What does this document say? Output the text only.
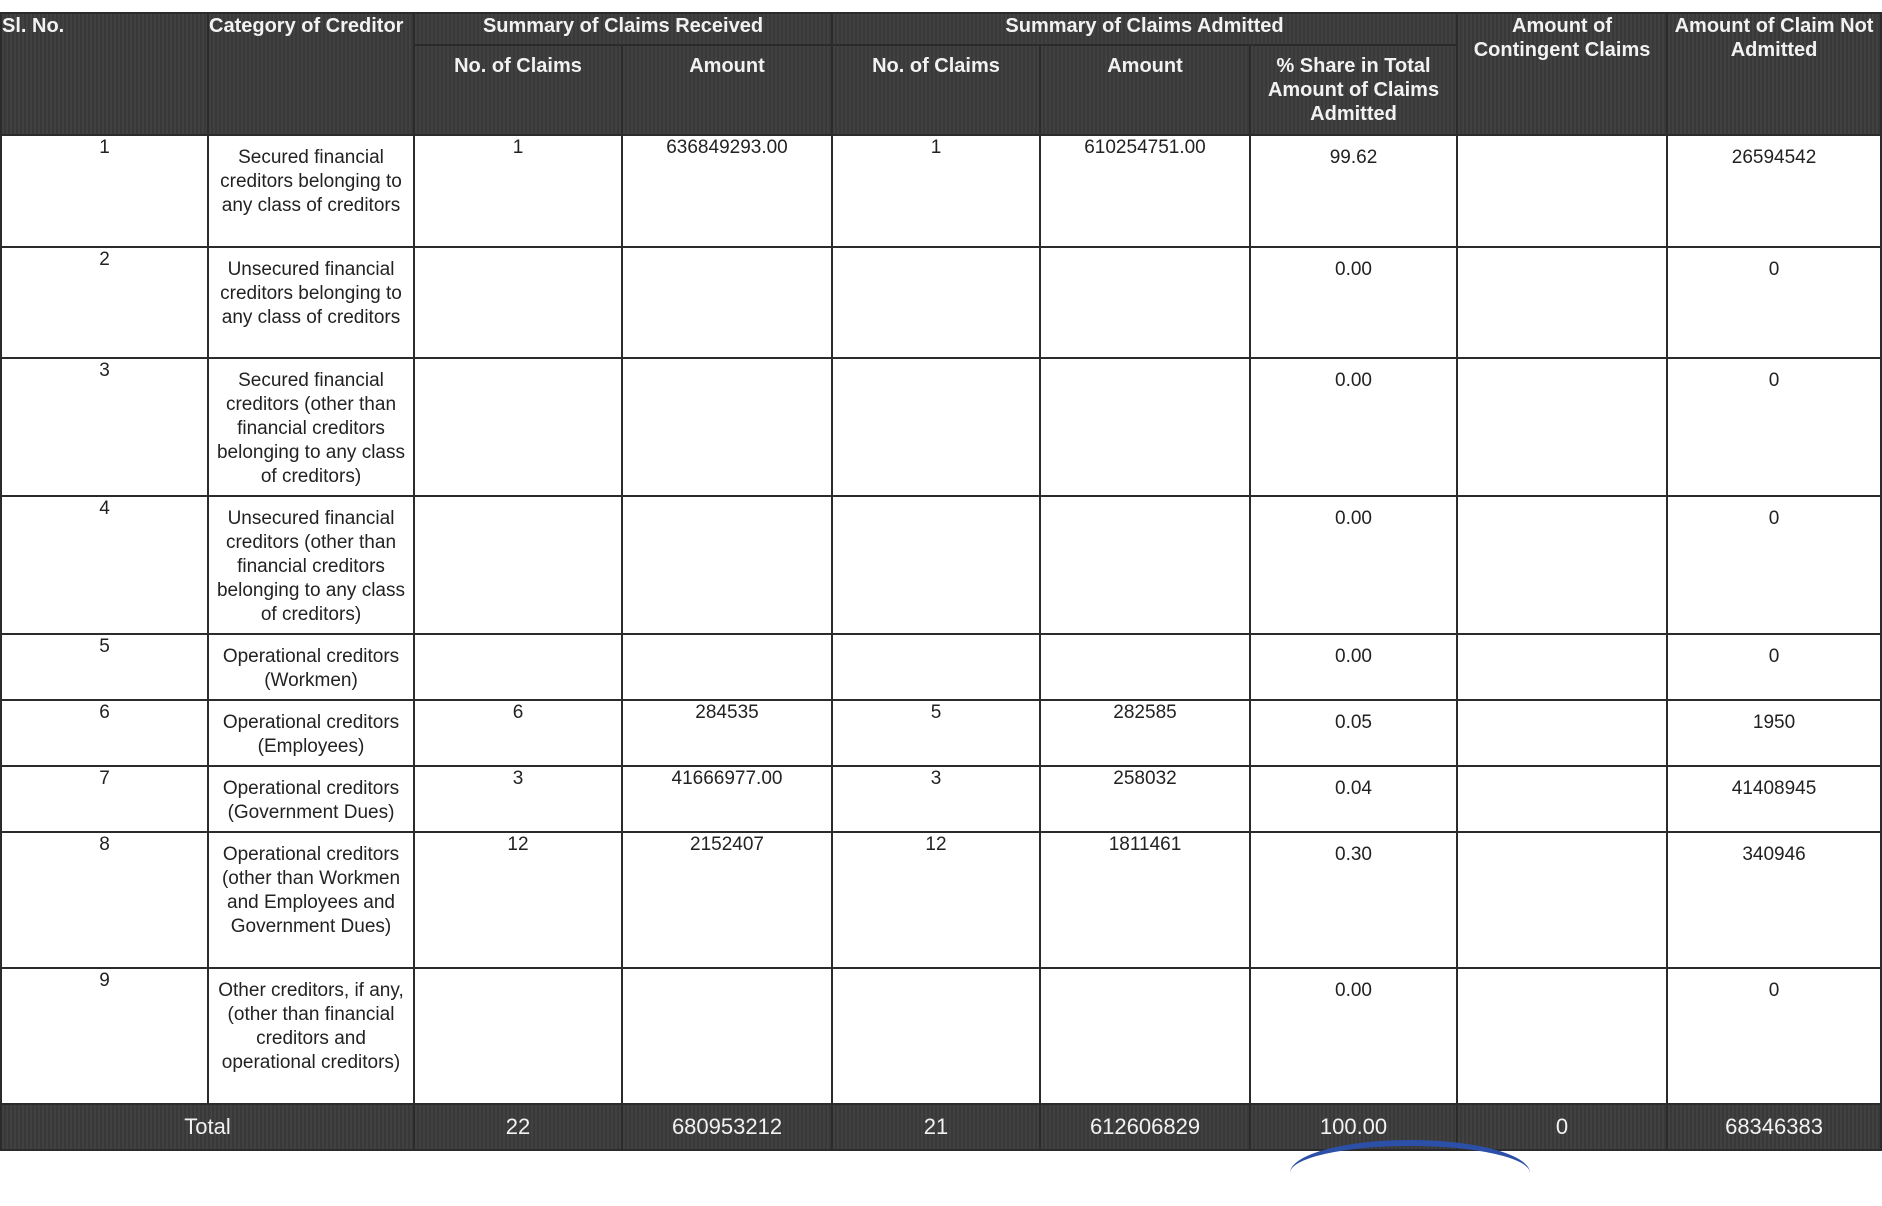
Sl. No.	Category of Creditor	Summary of Claims Received		Summary of Claims Admitted			Amount of Contingent Claims	Amount of Claim Not Admitted
		No. of Claims	Amount	No. of Claims	Amount	% Share in Total Amount of Claims Admitted		
1	Secured financial creditors belonging to any class of creditors	1	636849293.00	1	610254751.00	99.62		26594542
2	Unsecured financial creditors belonging to any class of creditors					0.00		0
3	Secured financial creditors (other than financial creditors belonging to any class of creditors)					0.00		0
4	Unsecured financial creditors (other than financial creditors belonging to any class of creditors)					0.00		0
5	Operational creditors (Workmen)					0.00		0
6	Operational creditors (Employees)	6	284535	5	282585	0.05		1950
7	Operational creditors (Government Dues)	3	41666977.00	3	258032	0.04		41408945
8	Operational creditors (other than Workmen and Employees and Government Dues)	12	2152407	12	1811461	0.30		340946
9	Other creditors, if any, (other than financial creditors and operational creditors)					0.00		0
Total		22	680953212	21	612606829	100.00	0	68346383
